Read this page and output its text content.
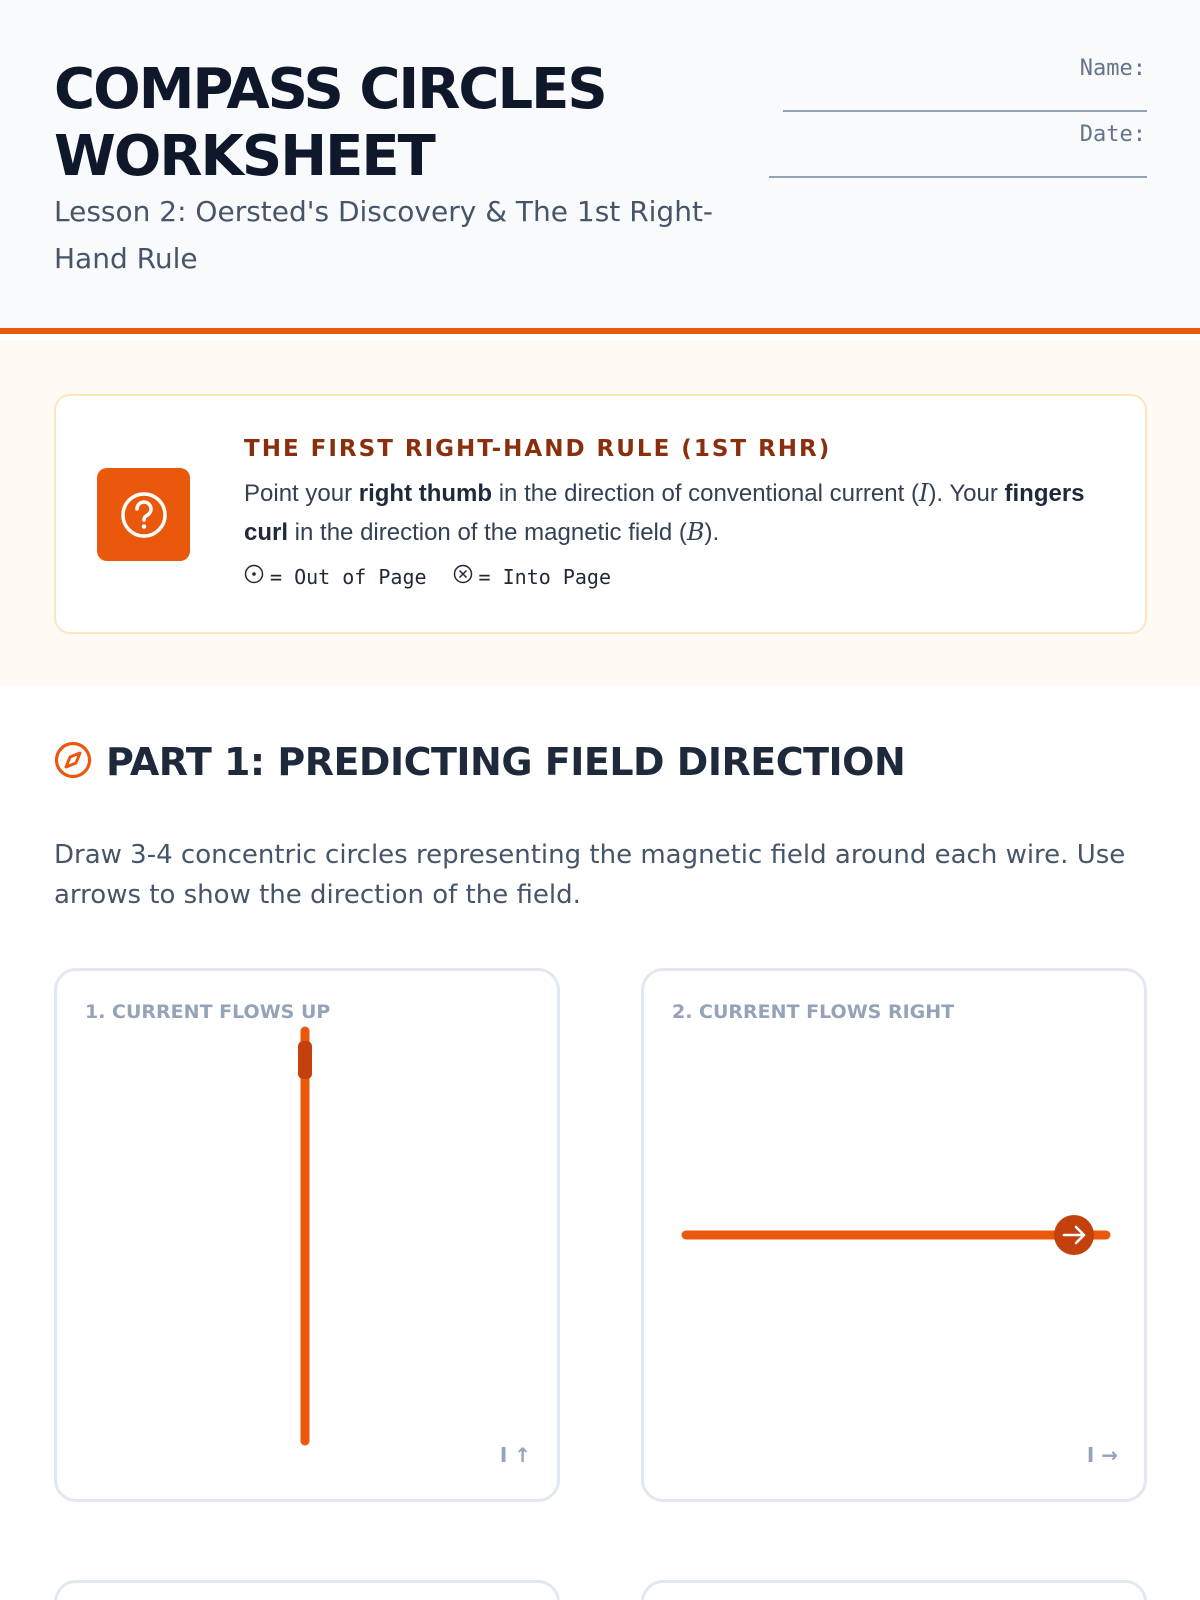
COMPASS CIRCLES WORKSHEET
Lesson 2: Oersted's Discovery & The 1st Right-Hand Rule
Name:
Date:
THE FIRST RIGHT-HAND RULE (1ST RHR)

Point your right thumb in the direction of conventional current (I). Your fingers curl in the direction of the magnetic field (B).

= Out of Page	= Into Page
PART 1: PREDICTING FIELD DIRECTION

Draw 3-4 concentric circles representing the magnetic field around each wire. Use arrows to show the direction of the field.

1. CURRENT FLOWS UP
I ↑
2. CURRENT FLOWS RIGHT
I →
